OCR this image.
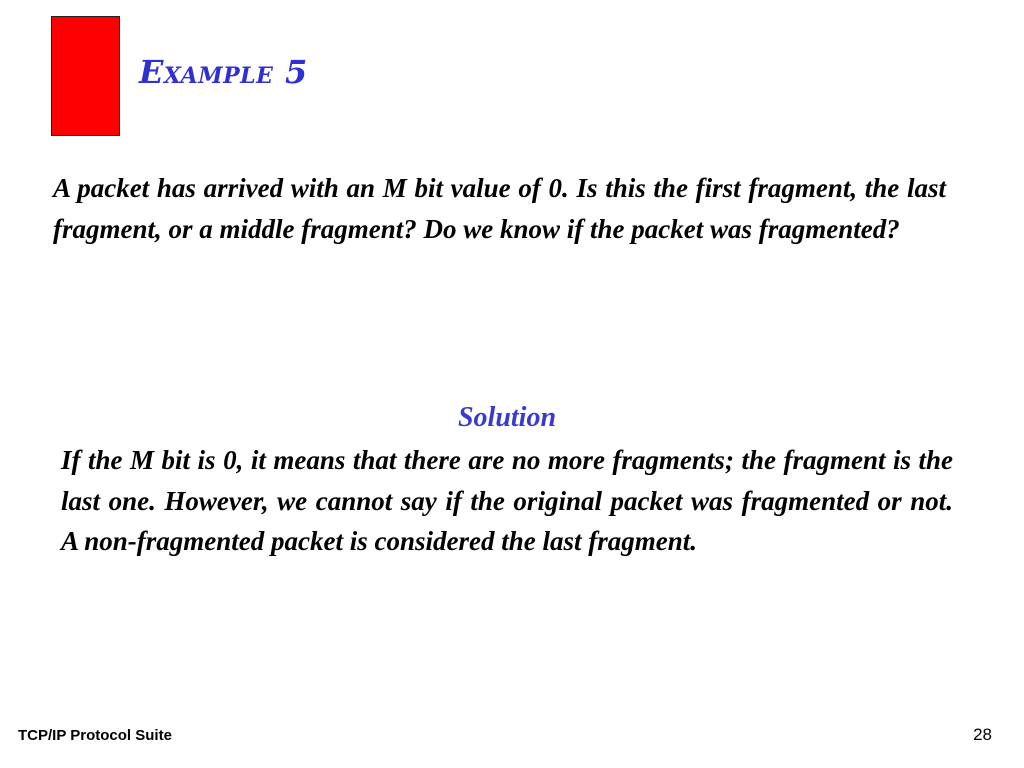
Example 5

A packet has arrived with an M bit value of 0. Is this the first fragment, the last fragment, or a middle fragment? Do we know if the packet was fragmented?

Solution

If the M bit is 0, it means that there are no more fragments; the fragment is the last one. However, we cannot say if the original packet was fragmented or not. A non-fragmented packet is considered the last fragment.

TCP/IP Protocol Suite	28
